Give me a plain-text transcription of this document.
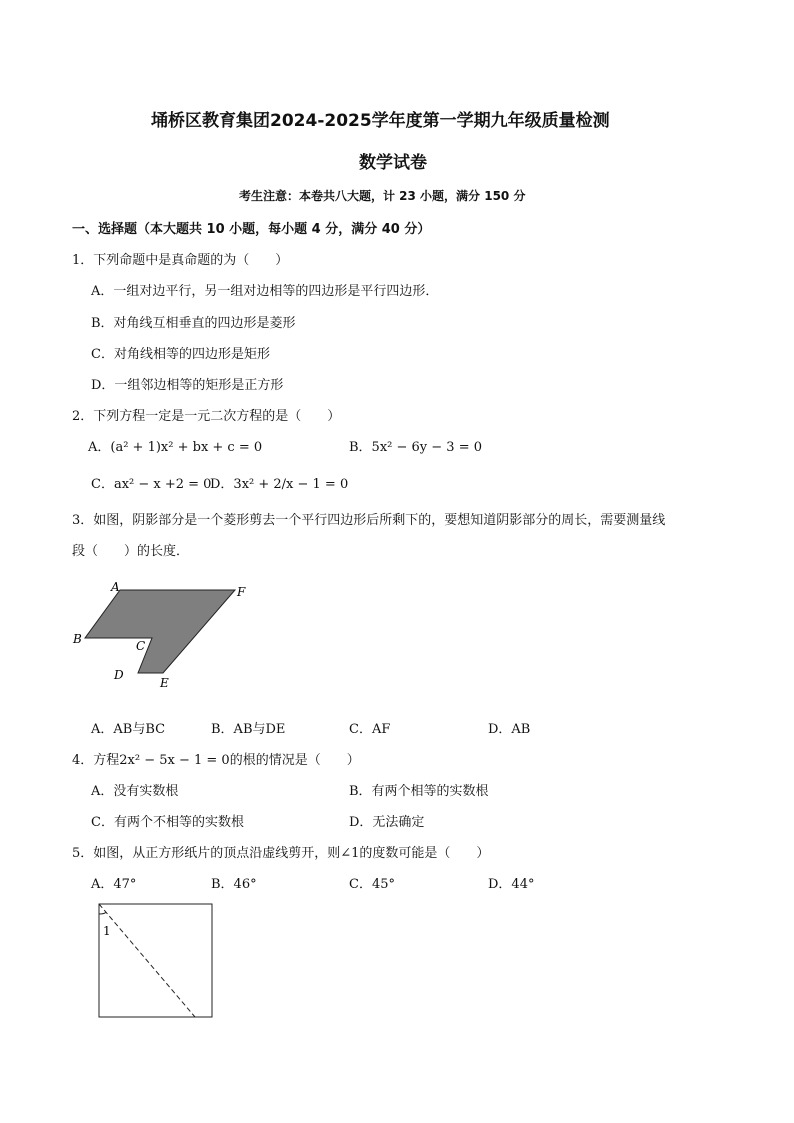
埇桥区教育集团2024-2025学年度第一学期九年级质量检测
数学试卷
考生注意：本卷共八大题，计 23 小题，满分 150 分
一、选择题（本大题共 10 小题，每小题 4 分，满分 40 分）
1．下列命题中是真命题的为（　　）
A．一组对边平行，另一组对边相等的四边形是平行四边形．
B．对角线互相垂直的四边形是菱形
C．对角线相等的四边形是矩形
D．一组邻边相等的矩形是正方形
2．下列方程一定是一元二次方程的是（　　）
A．(a² + 1)x² + bx + c = 0	B．5x² − 6y − 3 = 0
C．ax² − x +2 = 0
D．3x² + 2/x − 1 = 0
3．如图，阴影部分是一个菱形剪去一个平行四边形后所剩下的，要想知道阴影部分的周长，需要测量线
段（　　）的长度．
A	F
B	C
D
E
A．AB与BC	B．AB与DE	C．AF	D．AB
4．方程2x² − 5x − 1 = 0的根的情况是（　　）
A．没有实数根	B．有两个相等的实数根
C．有两个不相等的实数根	D．无法确定
5．如图，从正方形纸片的顶点沿虚线剪开，则∠1的度数可能是（　　）
A．47°	B．46°	C．45°	D．44°
1
